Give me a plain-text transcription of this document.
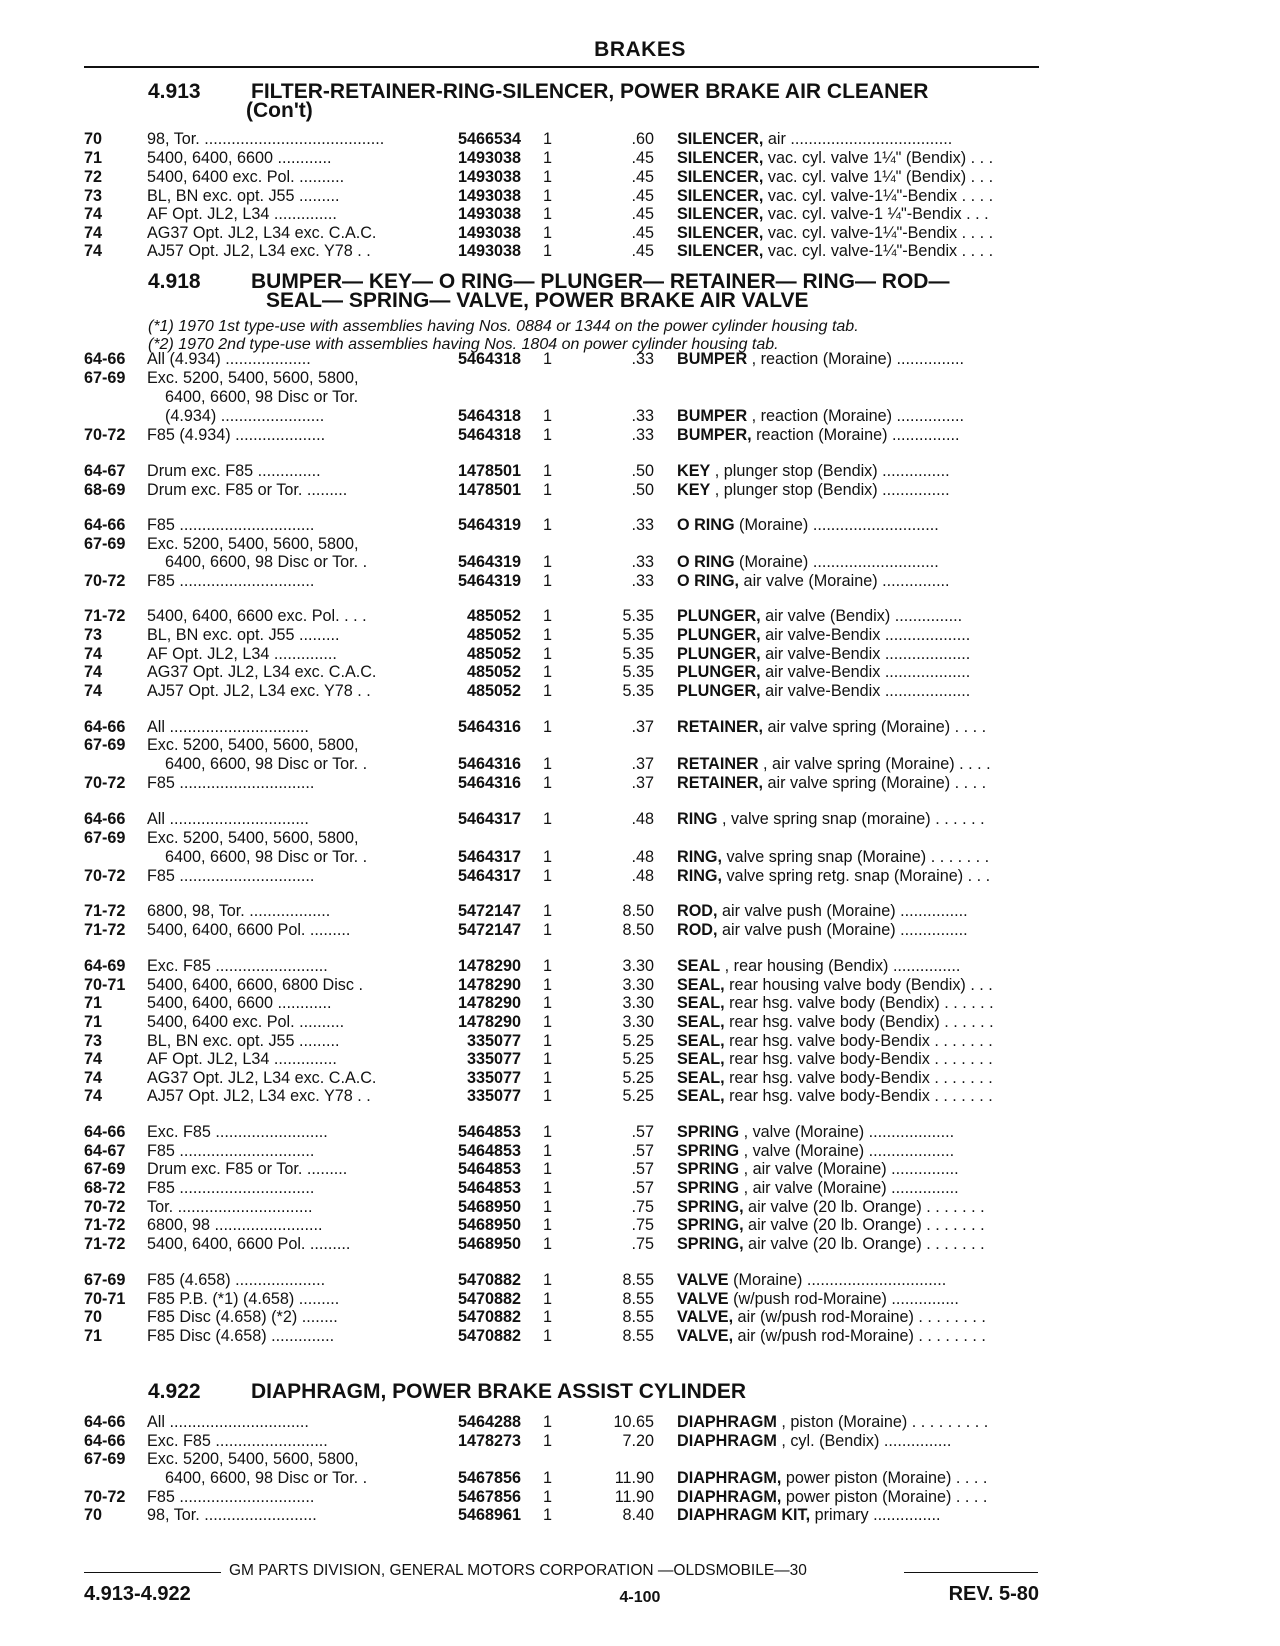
BRAKES
4.913 FILTER-RETAINER-RING-SILENCER, POWER BRAKE AIR CLEANER
(Con't)
4.918 BUMPER— KEY— O RING— PLUNGER— RETAINER— RING— ROD—
SEAL— SPRING— VALVE, POWER BRAKE AIR VALVE
(*1) 1970 1st type-use with assemblies having Nos. 0884 or 1344 on the power cylinder housing tab.
(*2) 1970 2nd type-use with assemblies having Nos. 1804 on power cylinder housing tab.
4.922 DIAPHRAGM, POWER BRAKE ASSIST CYLINDER
70	98, Tor. ........................................	5466534 1	.60 SILENCER, air ....................................
71	5400, 6400, 6600 ............	1493038 1	.45 SILENCER, vac. cyl. valve 1¼" (Bendix) . . .
72	5400, 6400 exc. Pol. ..........	1493038 1	.45 SILENCER, vac. cyl. valve 1¼" (Bendix) . . .
73	BL, BN exc. opt. J55 .........	1493038 1	.45 SILENCER, vac. cyl. valve-1¼"-Bendix . . . .
74	AF Opt. JL2, L34 ..............	1493038 1	.45 SILENCER, vac. cyl. valve-1 ¼"-Bendix . . .
74	AG37 Opt. JL2, L34 exc. C.A.C.	1493038 1	.45 SILENCER, vac. cyl. valve-1¼"-Bendix . . . .
74	AJ57 Opt. JL2, L34 exc. Y78 . .	1493038 1	.45 SILENCER, vac. cyl. valve-1¼"-Bendix . . . .
64-66 All (4.934) ...................	5464318 1	.33 BUMPER , reaction (Moraine) ...............
67-69 Exc. 5200, 5400, 5600, 5800,
6400, 6600, 98 Disc or Tor.
(4.934) .......................	5464318 1	.33 BUMPER , reaction (Moraine) ...............
70-72 F85 (4.934) ....................	5464318 1	.33 BUMPER, reaction (Moraine) ...............
64-67 Drum exc. F85 ..............	1478501 1	.50 KEY , plunger stop (Bendix) ...............
68-69 Drum exc. F85 or Tor. .........	1478501 1	.50 KEY , plunger stop (Bendix) ...............
64-66 F85 ..............................	5464319 1	.33 O RING (Moraine) ............................
67-69 Exc. 5200, 5400, 5600, 5800,
6400, 6600, 98 Disc or Tor. .	5464319 1	.33 O RING (Moraine) ............................
70-72 F85 ..............................	5464319 1	.33 O RING, air valve (Moraine) ...............
71-72 5400, 6400, 6600 exc. Pol. . . .	485052 1	5.35 PLUNGER, air valve (Bendix) ...............
73	BL, BN exc. opt. J55 .........	485052 1	5.35 PLUNGER, air valve-Bendix ...................
74	AF Opt. JL2, L34 ..............	485052 1	5.35 PLUNGER, air valve-Bendix ...................
74	AG37 Opt. JL2, L34 exc. C.A.C.	485052 1	5.35 PLUNGER, air valve-Bendix ...................
74	AJ57 Opt. JL2, L34 exc. Y78 . .	485052 1	5.35 PLUNGER, air valve-Bendix ...................
64-66 All ...............................	5464316 1	.37 RETAINER, air valve spring (Moraine) . . . .
67-69 Exc. 5200, 5400, 5600, 5800,
6400, 6600, 98 Disc or Tor. .	5464316 1	.37 RETAINER , air valve spring (Moraine) . . . .
70-72 F85 ..............................	5464316 1	.37 RETAINER, air valve spring (Moraine) . . . .
64-66 All ...............................	5464317 1	.48 RING , valve spring snap (moraine) . . . . . .
67-69 Exc. 5200, 5400, 5600, 5800,
6400, 6600, 98 Disc or Tor. .	5464317 1	.48 RING, valve spring snap (Moraine) . . . . . . .
70-72 F85 ..............................	5464317 1	.48 RING, valve spring retg. snap (Moraine) . . .
71-72 6800, 98, Tor. ..................	5472147 1	8.50 ROD, air valve push (Moraine) ...............
71-72 5400, 6400, 6600 Pol. .........	5472147 1	8.50 ROD, air valve push (Moraine) ...............
64-69 Exc. F85 .........................	1478290 1	3.30 SEAL , rear housing (Bendix) ...............
70-71 5400, 6400, 6600, 6800 Disc .	1478290 1	3.30 SEAL, rear housing valve body (Bendix) . . .
71	5400, 6400, 6600 ............	1478290 1	3.30 SEAL, rear hsg. valve body (Bendix) . . . . . .
71	5400, 6400 exc. Pol. ..........	1478290 1	3.30 SEAL, rear hsg. valve body (Bendix) . . . . . .
73	BL, BN exc. opt. J55 .........	335077 1	5.25 SEAL, rear hsg. valve body-Bendix . . . . . . .
74	AF Opt. JL2, L34 ..............	335077 1	5.25 SEAL, rear hsg. valve body-Bendix . . . . . . .
74	AG37 Opt. JL2, L34 exc. C.A.C.	335077 1	5.25 SEAL, rear hsg. valve body-Bendix . . . . . . .
74	AJ57 Opt. JL2, L34 exc. Y78 . .	335077 1	5.25 SEAL, rear hsg. valve body-Bendix . . . . . . .
64-66 Exc. F85 .........................	5464853 1	.57 SPRING , valve (Moraine) ...................
64-67 F85 ..............................	5464853 1	.57 SPRING , valve (Moraine) ...................
67-69 Drum exc. F85 or Tor. .........	5464853 1	.57 SPRING , air valve (Moraine) ...............
68-72 F85 ..............................	5464853 1	.57 SPRING , air valve (Moraine) ...............
70-72 Tor. ..............................	5468950 1	.75 SPRING, air valve (20 lb. Orange) . . . . . . .
71-72 6800, 98 ........................	5468950 1	.75 SPRING, air valve (20 lb. Orange) . . . . . . .
71-72 5400, 6400, 6600 Pol. .........	5468950 1	.75 SPRING, air valve (20 lb. Orange) . . . . . . .
67-69 F85 (4.658) ....................	5470882 1	8.55 VALVE (Moraine) ...............................
70-71 F85 P.B. (*1) (4.658) .........	5470882 1	8.55 VALVE (w/push rod-Moraine) ...............
70	F85 Disc (4.658) (*2) ........	5470882 1	8.55 VALVE, air (w/push rod-Moraine) . . . . . . . .
71	F85 Disc (4.658) ..............	5470882 1	8.55 VALVE, air (w/push rod-Moraine) . . . . . . . .
64-66 All ...............................	5464288 1	10.65 DIAPHRAGM , piston (Moraine) . . . . . . . . .
64-66 Exc. F85 .........................	1478273 1	7.20 DIAPHRAGM , cyl. (Bendix) ...............
67-69 Exc. 5200, 5400, 5600, 5800,
6400, 6600, 98 Disc or Tor. .	5467856 1	11.90 DIAPHRAGM, power piston (Moraine) . . . .
70-72 F85 ..............................	5467856 1	11.90 DIAPHRAGM, power piston (Moraine) . . . .
70	98, Tor. .........................	5468961 1	8.40 DIAPHRAGM KIT, primary ...............
GM PARTS DIVISION, GENERAL MOTORS CORPORATION —OLDSMOBILE—30
4.913-4.922	4-100	REV. 5-80
